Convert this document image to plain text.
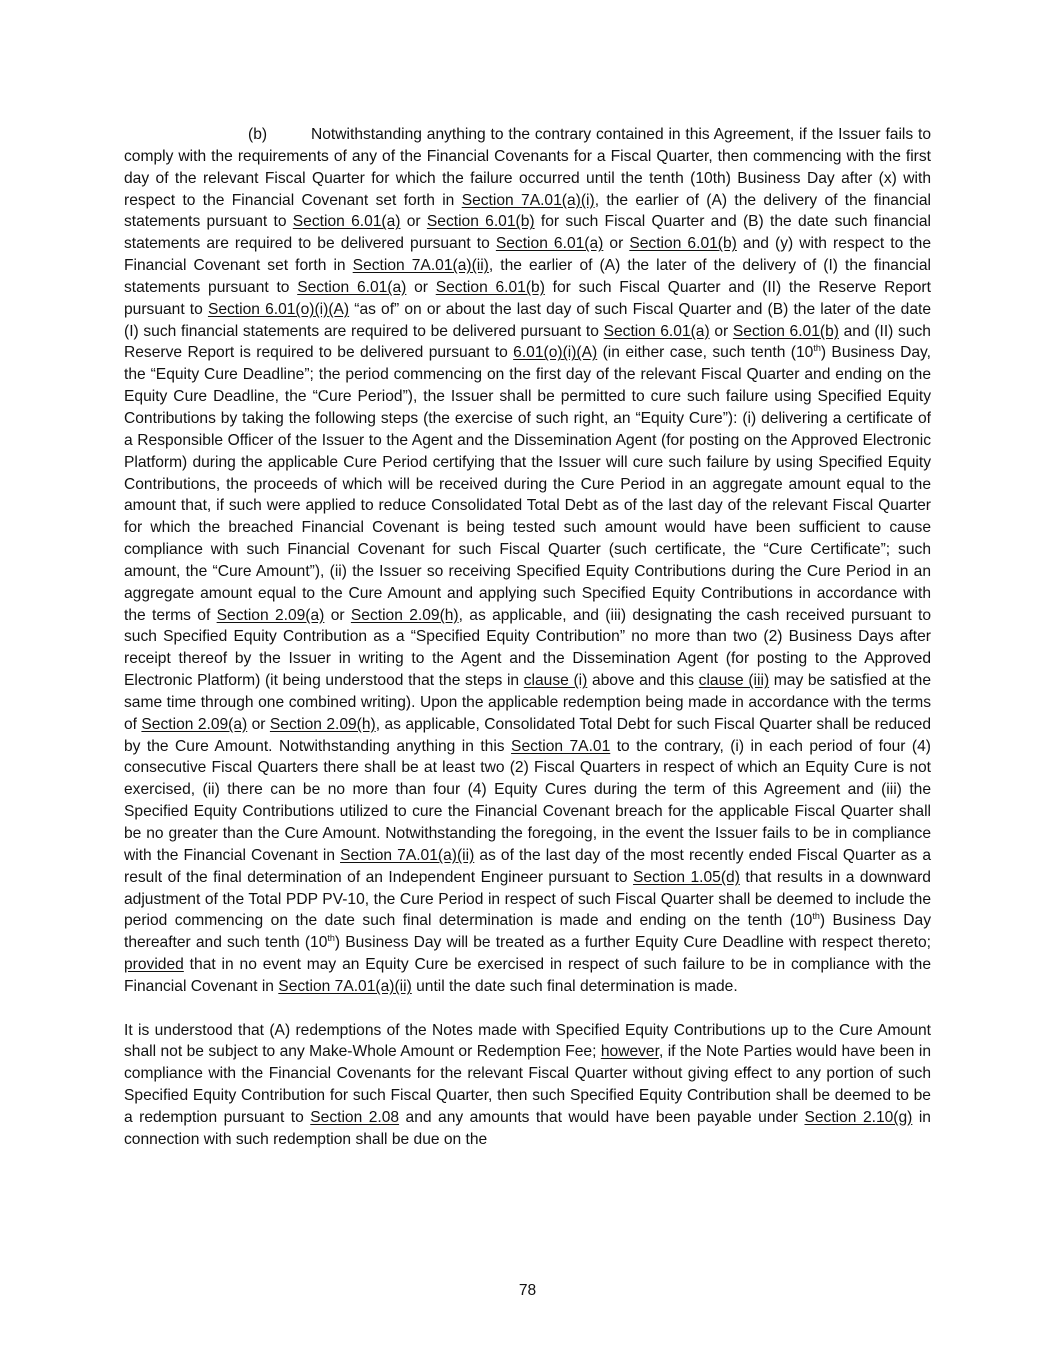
(b)	Notwithstanding anything to the contrary contained in this Agreement, if the Issuer fails to comply with the requirements of any of the Financial Covenants for a Fiscal Quarter, then commencing with the first day of the relevant Fiscal Quarter for which the failure occurred until the tenth (10th) Business Day after (x) with respect to the Financial Covenant set forth in Section 7A.01(a)(i), the earlier of (A) the delivery of the financial statements pursuant to Section 6.01(a) or Section 6.01(b) for such Fiscal Quarter and (B) the date such financial statements are required to be delivered pursuant to Section 6.01(a) or Section 6.01(b) and (y) with respect to the Financial Covenant set forth in Section 7A.01(a)(ii), the earlier of (A) the later of the delivery of (I) the financial statements pursuant to Section 6.01(a) or Section 6.01(b) for such Fiscal Quarter and (II) the Reserve Report pursuant to Section 6.01(o)(i)(A) “as of” on or about the last day of such Fiscal Quarter and (B) the later of the date (I) such financial statements are required to be delivered pursuant to Section 6.01(a) or Section 6.01(b) and (II) such Reserve Report is required to be delivered pursuant to 6.01(o)(i)(A) (in either case, such tenth (10th) Business Day, the “Equity Cure Deadline”; the period commencing on the first day of the relevant Fiscal Quarter and ending on the Equity Cure Deadline, the “Cure Period”), the Issuer shall be permitted to cure such failure using Specified Equity Contributions by taking the following steps (the exercise of such right, an “Equity Cure”): (i) delivering a certificate of a Responsible Officer of the Issuer to the Agent and the Dissemination Agent (for posting on the Approved Electronic Platform) during the applicable Cure Period certifying that the Issuer will cure such failure by using Specified Equity Contributions, the proceeds of which will be received during the Cure Period in an aggregate amount equal to the amount that, if such were applied to reduce Consolidated Total Debt as of the last day of the relevant Fiscal Quarter for which the breached Financial Covenant is being tested such amount would have been sufficient to cause compliance with such Financial Covenant for such Fiscal Quarter (such certificate, the “Cure Certificate”; such amount, the “Cure Amount”), (ii) the Issuer so receiving Specified Equity Contributions during the Cure Period in an aggregate amount equal to the Cure Amount and applying such Specified Equity Contributions in accordance with the terms of Section 2.09(a) or Section 2.09(h), as applicable, and (iii) designating the cash received pursuant to such Specified Equity Contribution as a “Specified Equity Contribution” no more than two (2) Business Days after receipt thereof by the Issuer in writing to the Agent and the Dissemination Agent (for posting to the Approved Electronic Platform) (it being understood that the steps in clause (i) above and this clause (iii) may be satisfied at the same time through one combined writing). Upon the applicable redemption being made in accordance with the terms of Section 2.09(a) or Section 2.09(h), as applicable, Consolidated Total Debt for such Fiscal Quarter shall be reduced by the Cure Amount. Notwithstanding anything in this Section 7A.01 to the contrary, (i) in each period of four (4) consecutive Fiscal Quarters there shall be at least two (2) Fiscal Quarters in respect of which an Equity Cure is not exercised, (ii) there can be no more than four (4) Equity Cures during the term of this Agreement and (iii) the Specified Equity Contributions utilized to cure the Financial Covenant breach for the applicable Fiscal Quarter shall be no greater than the Cure Amount. Notwithstanding the foregoing, in the event the Issuer fails to be in compliance with the Financial Covenant in Section 7A.01(a)(ii) as of the last day of the most recently ended Fiscal Quarter as a result of the final determination of an Independent Engineer pursuant to Section 1.05(d) that results in a downward adjustment of the Total PDP PV-10, the Cure Period in respect of such Fiscal Quarter shall be deemed to include the period commencing on the date such final determination is made and ending on the tenth (10th) Business Day thereafter and such tenth (10th) Business Day will be treated as a further Equity Cure Deadline with respect thereto; provided that in no event may an Equity Cure be exercised in respect of such failure to be in compliance with the Financial Covenant in Section 7A.01(a)(ii) until the date such final determination is made.

It is understood that (A) redemptions of the Notes made with Specified Equity Contributions up to the Cure Amount shall not be subject to any Make-Whole Amount or Redemption Fee; however, if the Note Parties would have been in compliance with the Financial Covenants for the relevant Fiscal Quarter without giving effect to any portion of such Specified Equity Contribution for such Fiscal Quarter, then such Specified Equity Contribution shall be deemed to be a redemption pursuant to Section 2.08 and any amounts that would have been payable under Section 2.10(g) in connection with such redemption shall be due on the

78
